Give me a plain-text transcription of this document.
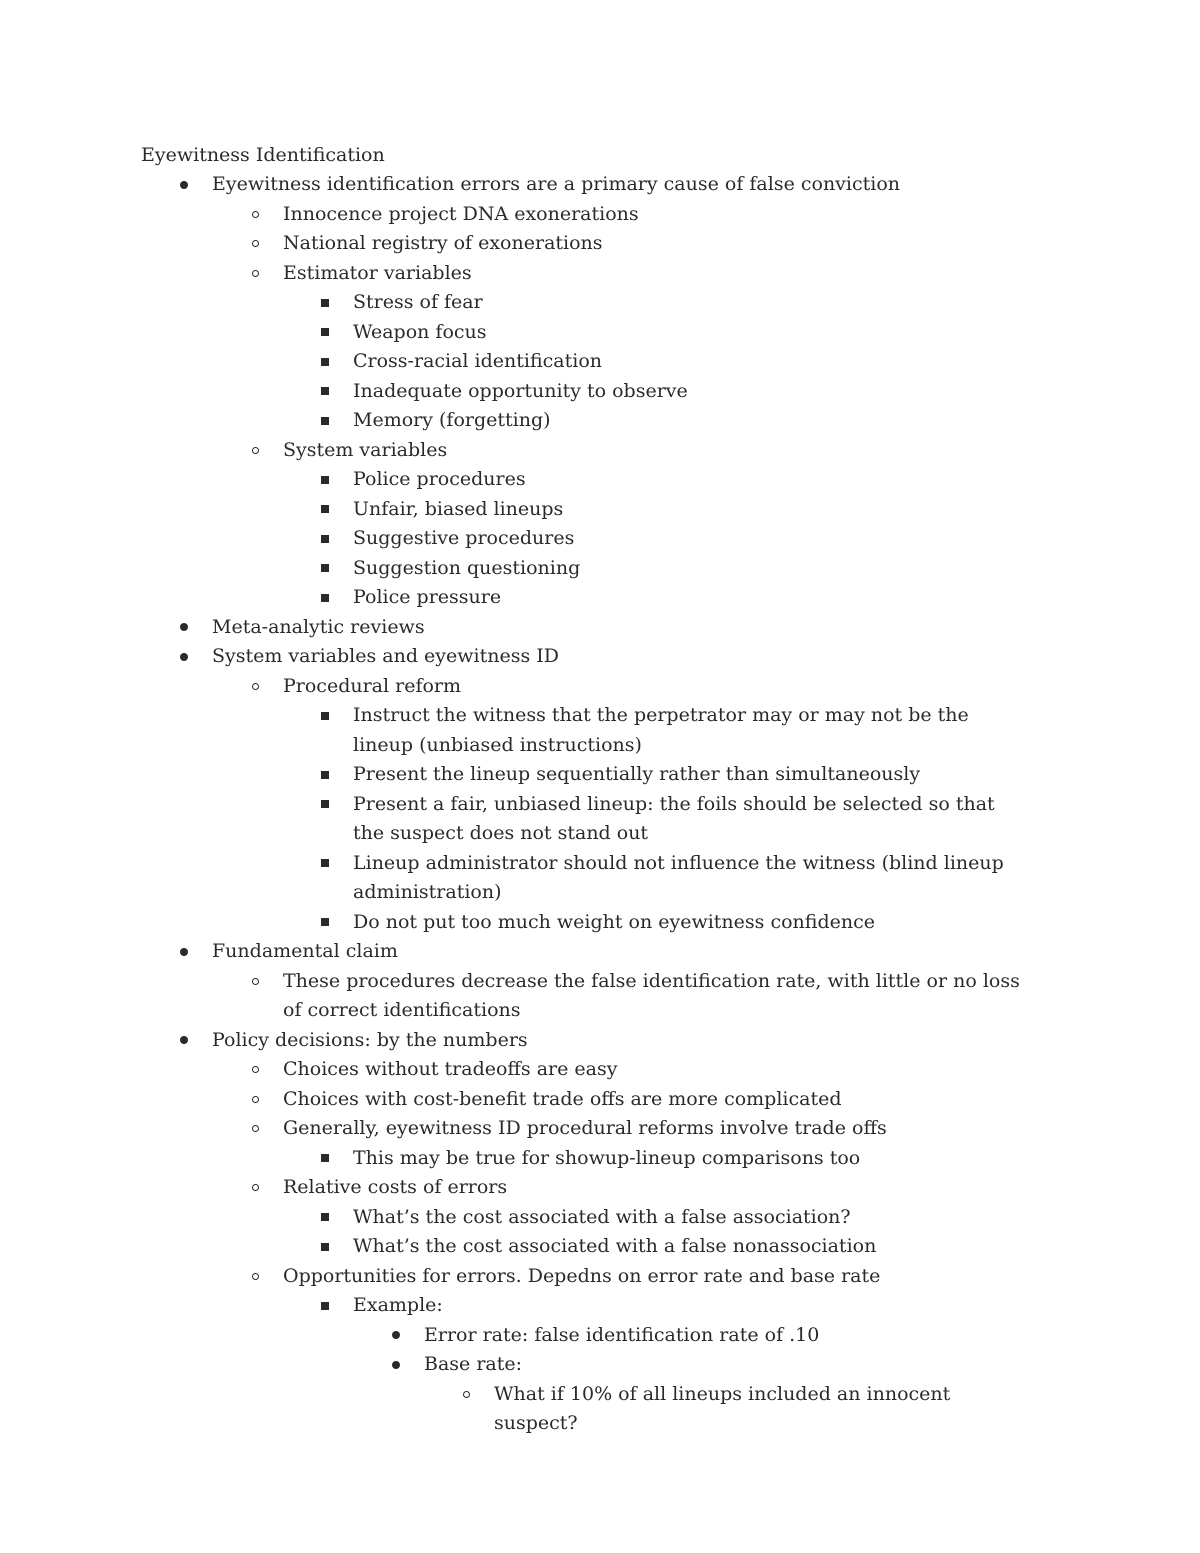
Eyewitness Identification
Eyewitness identification errors are a primary cause of false conviction
Innocence project DNA exonerations
National registry of exonerations
Estimator variables
Stress of fear
Weapon focus
Cross-racial identification
Inadequate opportunity to observe
Memory (forgetting)
System variables
Police procedures
Unfair, biased lineups
Suggestive procedures
Suggestion questioning
Police pressure
Meta-analytic reviews
System variables and eyewitness ID
Procedural reform
Instruct the witness that the perpetrator may or may not be the lineup (unbiased instructions)
Present the lineup sequentially rather than simultaneously
Present a fair, unbiased lineup: the foils should be selected so that the suspect does not stand out
Lineup administrator should not influence the witness (blind lineup administration)
Do not put too much weight on eyewitness confidence
Fundamental claim
These procedures decrease the false identification rate, with little or no loss of correct identifications
Policy decisions: by the numbers
Choices without tradeoffs are easy
Choices with cost-benefit trade offs are more complicated
Generally, eyewitness ID procedural reforms involve trade offs
This may be true for showup-lineup comparisons too
Relative costs of errors
What’s the cost associated with a false association?
What’s the cost associated with a false nonassociation
Opportunities for errors. Depedns on error rate and base rate
Example:
Error rate: false identification rate of .10
Base rate:
What if 10% of all lineups included an innocent suspect?
